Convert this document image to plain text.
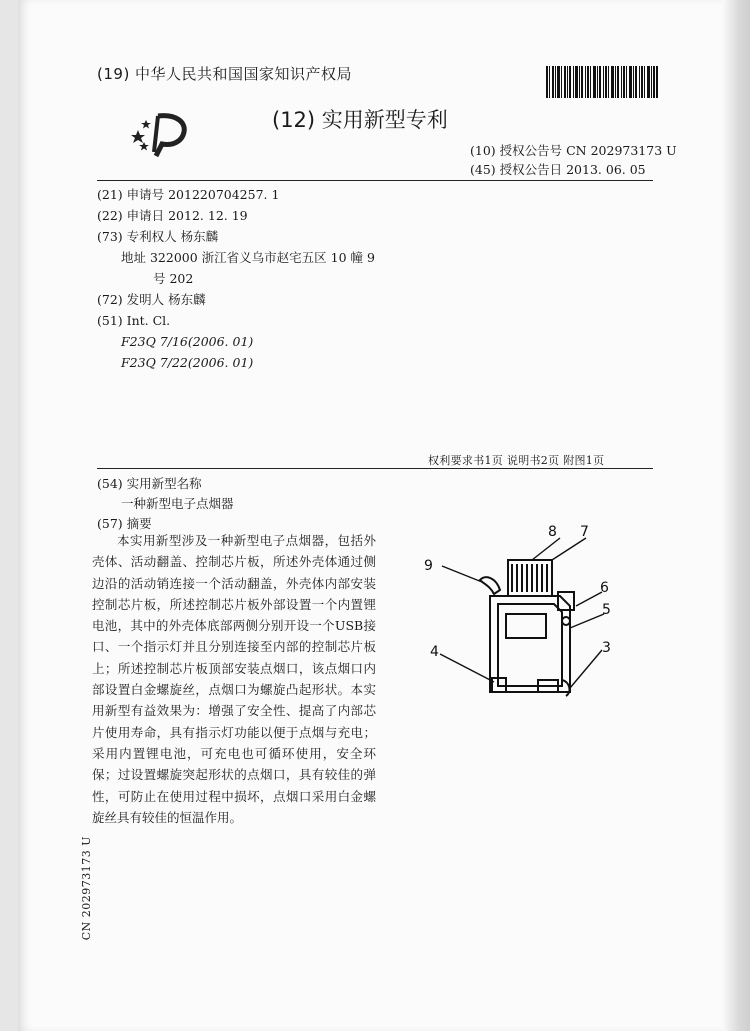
(19) 中华人民共和国国家知识产权局
(12) 实用新型专利
(10) 授权公告号 CN 202973173 U
(45) 授权公告日 2013. 06. 05
(21) 申请号 201220704257. 1
(22) 申请日 2012. 12. 19
(73) 专利权人 杨东麟
地址 322000 浙江省义乌市赵宅五区 10 幢 9
号 202
(72) 发明人 杨东麟
(51) Int. Cl.
F23Q 7/16(2006. 01)
F23Q 7/22(2006. 01)
权利要求书1页 说明书2页 附图1页
(54) 实用新型名称
一种新型电子点烟器
(57) 摘要
本实用新型涉及一种新型电子点烟器，包括外壳体、活动翻盖、控制芯片板，所述外壳体通过侧边沿的活动销连接一个活动翻盖，外壳体内部安装控制芯片板，所述控制芯片板外部设置一个内置锂电池，其中的外壳体底部两侧分别开设一个USB接口、一个指示灯并且分别连接至内部的控制芯片板上；所述控制芯片板顶部安装点烟口，该点烟口内部设置白金螺旋丝，点烟口为螺旋凸起形状。本实用新型有益效果为：增强了安全性、提高了内部芯片使用寿命，具有指示灯功能以便于点烟与充电；采用内置锂电池，可充电也可循环使用，安全环保；过设置螺旋突起形状的点烟口，具有较佳的弹性，可防止在使用过程中损坏，点烟口采用白金螺旋丝具有较佳的恒温作用。
8 7
9
6
5
4	3
CN 202973173 U
